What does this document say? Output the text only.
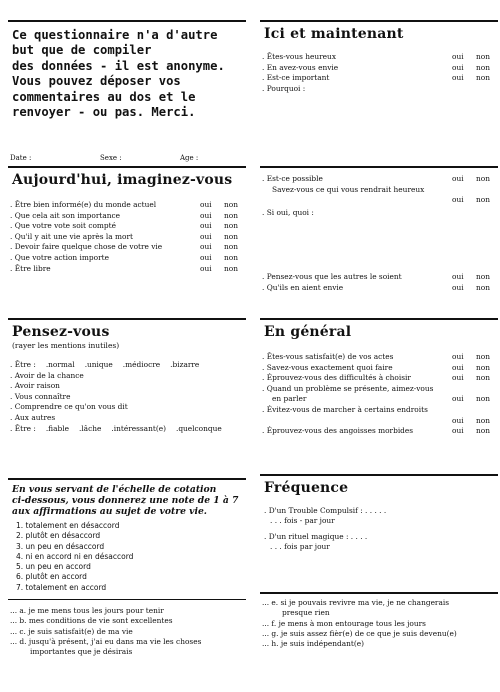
Ce questionnaire n'a d'autre
but que de compiler
des données - il est anonyme.
Vous pouvez déposer vos
commentaires au dos et le
renvoyer - ou pas. Merci.
Date :	Sexe :	Age :
Aujourd'hui, imaginez-vous
. Être bien informé(e) du monde actuel	oui	non
. Que cela ait son importance	oui	non
. Que votre vote soit compté	oui	non
. Qu'il y ait une vie après la mort	oui	non
. Devoir faire quelque chose de votre vie	oui	non
. Que votre action importe	oui	non
. Être libre	oui	non
Pensez-vous
(rayer les mentions inutiles)
. Être : .normal .unique .médiocre .bizarre
. Avoir de la chance
. Avoir raison
. Vous connaître
. Comprendre ce qu'on vous dit
. Aux autres
. Être : .fiable .lâche .intéressant(e) .quelconque
En vous servant de l'échelle de cotation
ci-dessous, vous donnerez une note de 1 à 7
aux affirmations au sujet de votre vie.
1. totalement en désaccord
2. plutôt en désaccord
3. un peu en désaccord
4. ni en accord ni en désaccord
5. un peu en accord
6. plutôt en accord
7. totalement en accord
... a. je me mens tous les jours pour tenir
... b. mes conditions de vie sont excellentes
... c. je suis satisfait(e) de ma vie
... d. jusqu'à présent, j'ai eu dans ma vie les choses
importantes que je désirais
Ici et maintenant
. Êtes-vous heureux	oui	non
. En avez-vous envie	oui	non
. Est-ce important	oui	non
. Pourquoi :
. Est-ce possible	oui	non
Savez-vous ce qui vous rendrait heureux
oui	non
. Si oui, quoi :
. Pensez-vous que les autres le soient	oui	non
. Qu'ils en aient envie	oui	non
En général
. Êtes-vous satisfait(e) de vos actes	oui	non
. Savez-vous exactement quoi faire	oui	non
. Éprouvez-vous des difficultés à choisir	oui	non
. Quand un problème se présente, aimez-vous
en parler	oui	non
. Évitez-vous de marcher à certains endroits
oui	non
. Éprouvez-vous des angoisses morbides	oui	non
Fréquence
. D'un Trouble Compulsif : . . . . .
. . . fois - par jour
. D'un rituel magique : . . . .
. . . fois par jour
... e. si je pouvais revivre ma vie, je ne changerais
presque rien
... f. je mens à mon entourage tous les jours
... g. je suis assez fièr(e) de ce que je suis devenu(e)
... h. je suis indépendant(e)
